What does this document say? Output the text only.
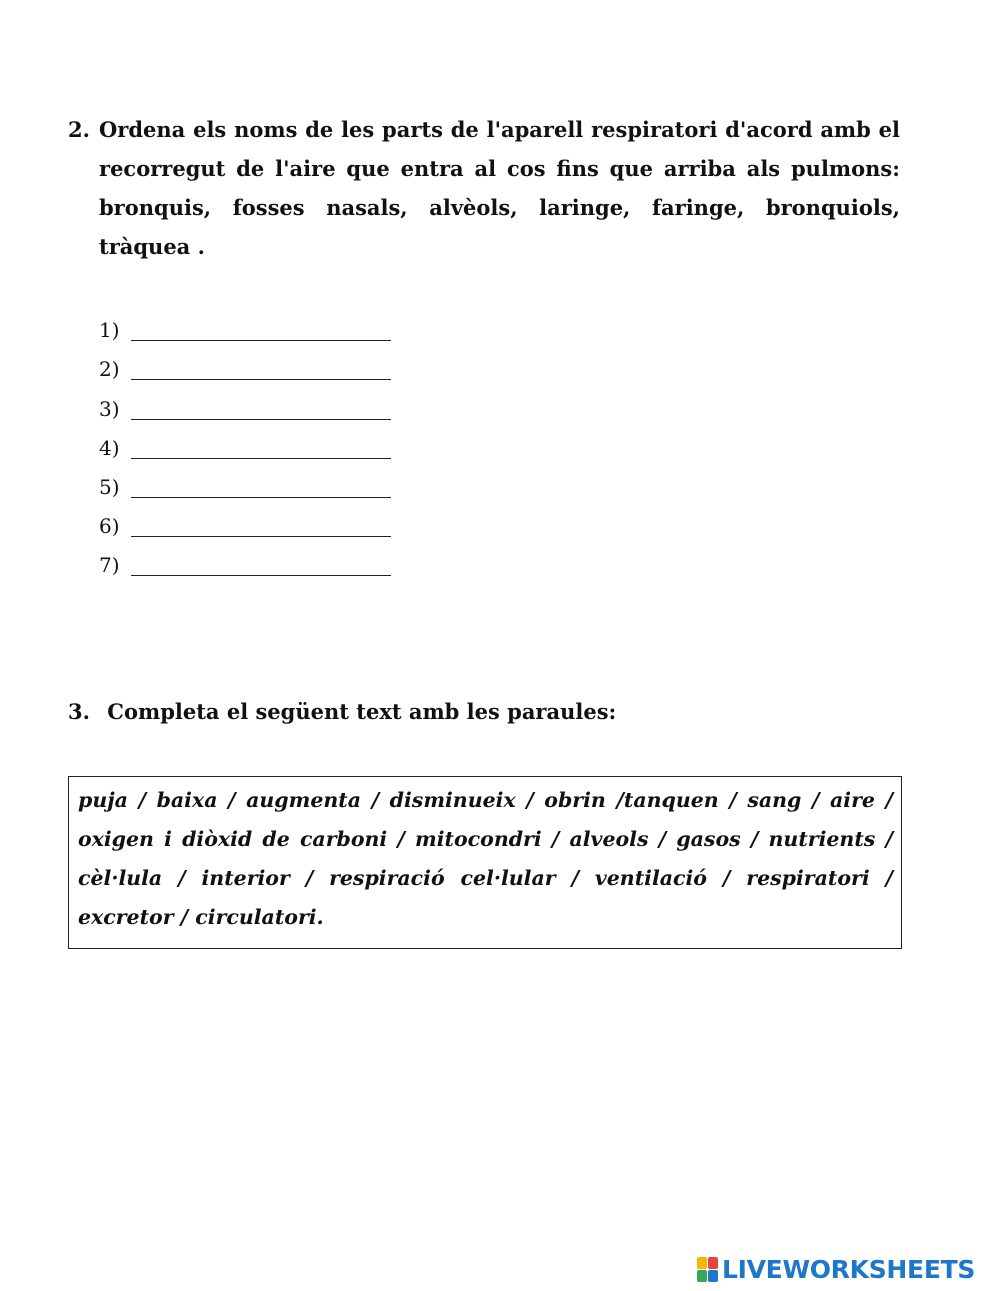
2. Ordena els noms de les parts de l'aparell respiratori d'acord amb el recorregut de l'aire que entra al cos fins que arriba als pulmons: bronquis, fosses nasals, alvèols, laringe, faringe, bronquiols, tràquea .
1)
2)
3)
4)
5)
6)
7)
3. Completa el següent text amb les paraules:
puja / baixa / augmenta / disminueix / obrin /tanquen / sang / aire / oxigen i diòxid de carboni / mitocondri / alveols / gasos / nutrients / cèl·lula / interior / respiració cel·lular / ventilació / respiratori / excretor / circulatori.
LIVEWORKSHEETS
